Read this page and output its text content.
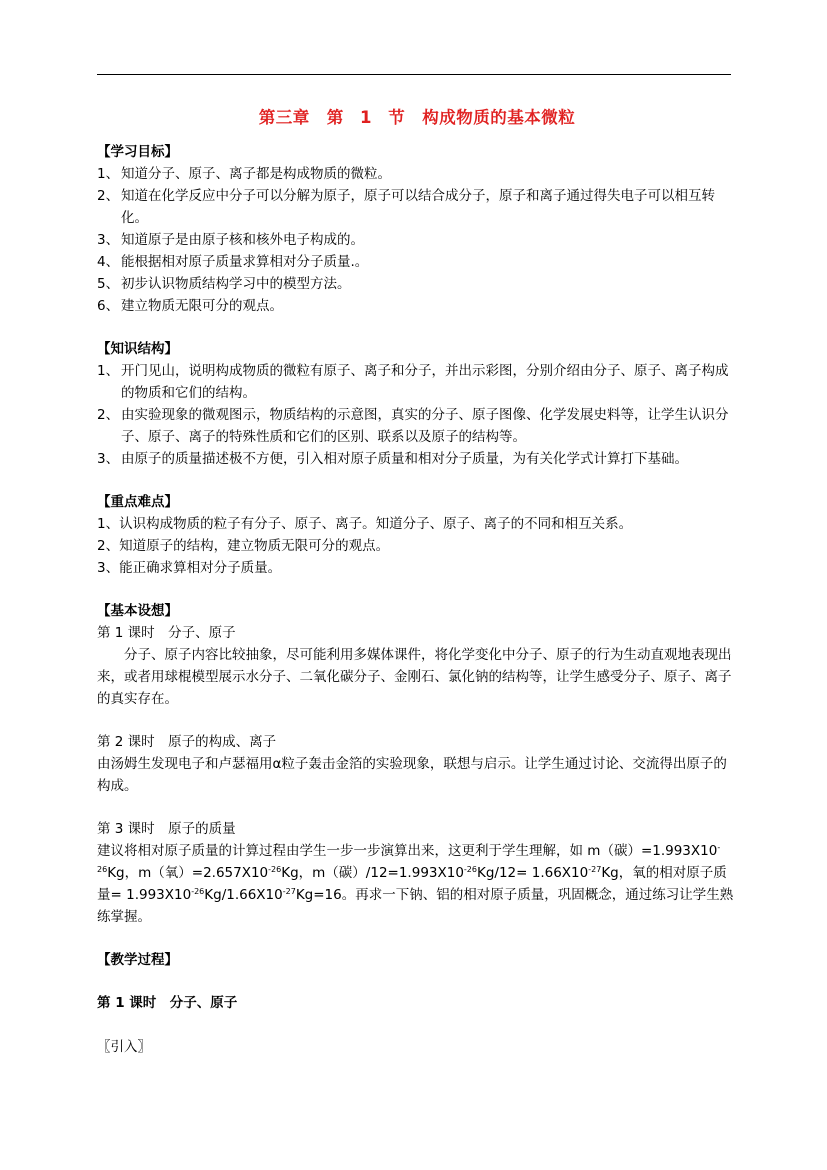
第三章　第 1 节　构成物质的基本微粒

【学习目标】

1、 知道分子、原子、离子都是构成物质的微粒。
2、 知道在化学反应中分子可以分解为原子，原子可以结合成分子，原子和离子通过得失电子可以相互转化。
3、 知道原子是由原子核和核外电子构成的。
4、 能根据相对原子质量求算相对分子质量.。
5、 初步认识物质结构学习中的模型方法。
6、 建立物质无限可分的观点。

【知识结构】

1、 开门见山，说明构成物质的微粒有原子、离子和分子，并出示彩图，分别介绍由分子、原子、离子构成的物质和它们的结构。
2、 由实验现象的微观图示，物质结构的示意图，真实的分子、原子图像、化学发展史料等，让学生认识分子、原子、离子的特殊性质和它们的区别、联系以及原子的结构等。
3、 由原子的质量描述极不方便，引入相对原子质量和相对分子质量，为有关化学式计算打下基础。

【重点难点】

1、认识构成物质的粒子有分子、原子、离子。知道分子、原子、离子的不同和相互关系。

2、知道原子的结构，建立物质无限可分的观点。

3、能正确求算相对分子质量。

【基本设想】

第 1 课时　分子、原子

分子、原子内容比较抽象，尽可能利用多媒体课件，将化学变化中分子、原子的行为生动直观地表现出来，或者用球棍模型展示水分子、二氧化碳分子、金刚石、氯化钠的结构等，让学生感受分子、原子、离子的真实存在。

第 2 课时　原子的构成、离子

由汤姆生发现电子和卢瑟福用α粒子轰击金箔的实验现象，联想与启示。让学生通过讨论、交流得出原子的构成。

第 3 课时　原子的质量

建议将相对原子质量的计算过程由学生一步一步演算出来，这更利于学生理解，如 m（碳）$=1.993X10^{-26}Kg$，m（氧）$=2.657X10^{-26}Kg$，m（碳）$/12=1.993X10^{-26}Kg/12= 1.66X10^{-27}Kg$，氧的相对原子质量= $1.993X10^{-26}Kg/1.66X10^{-27}Kg=16$。再求一下钠、铝的相对原子质量，巩固概念，通过练习让学生熟练掌握。

【教学过程】

第 1 课时　分子、原子

〖引入〗
